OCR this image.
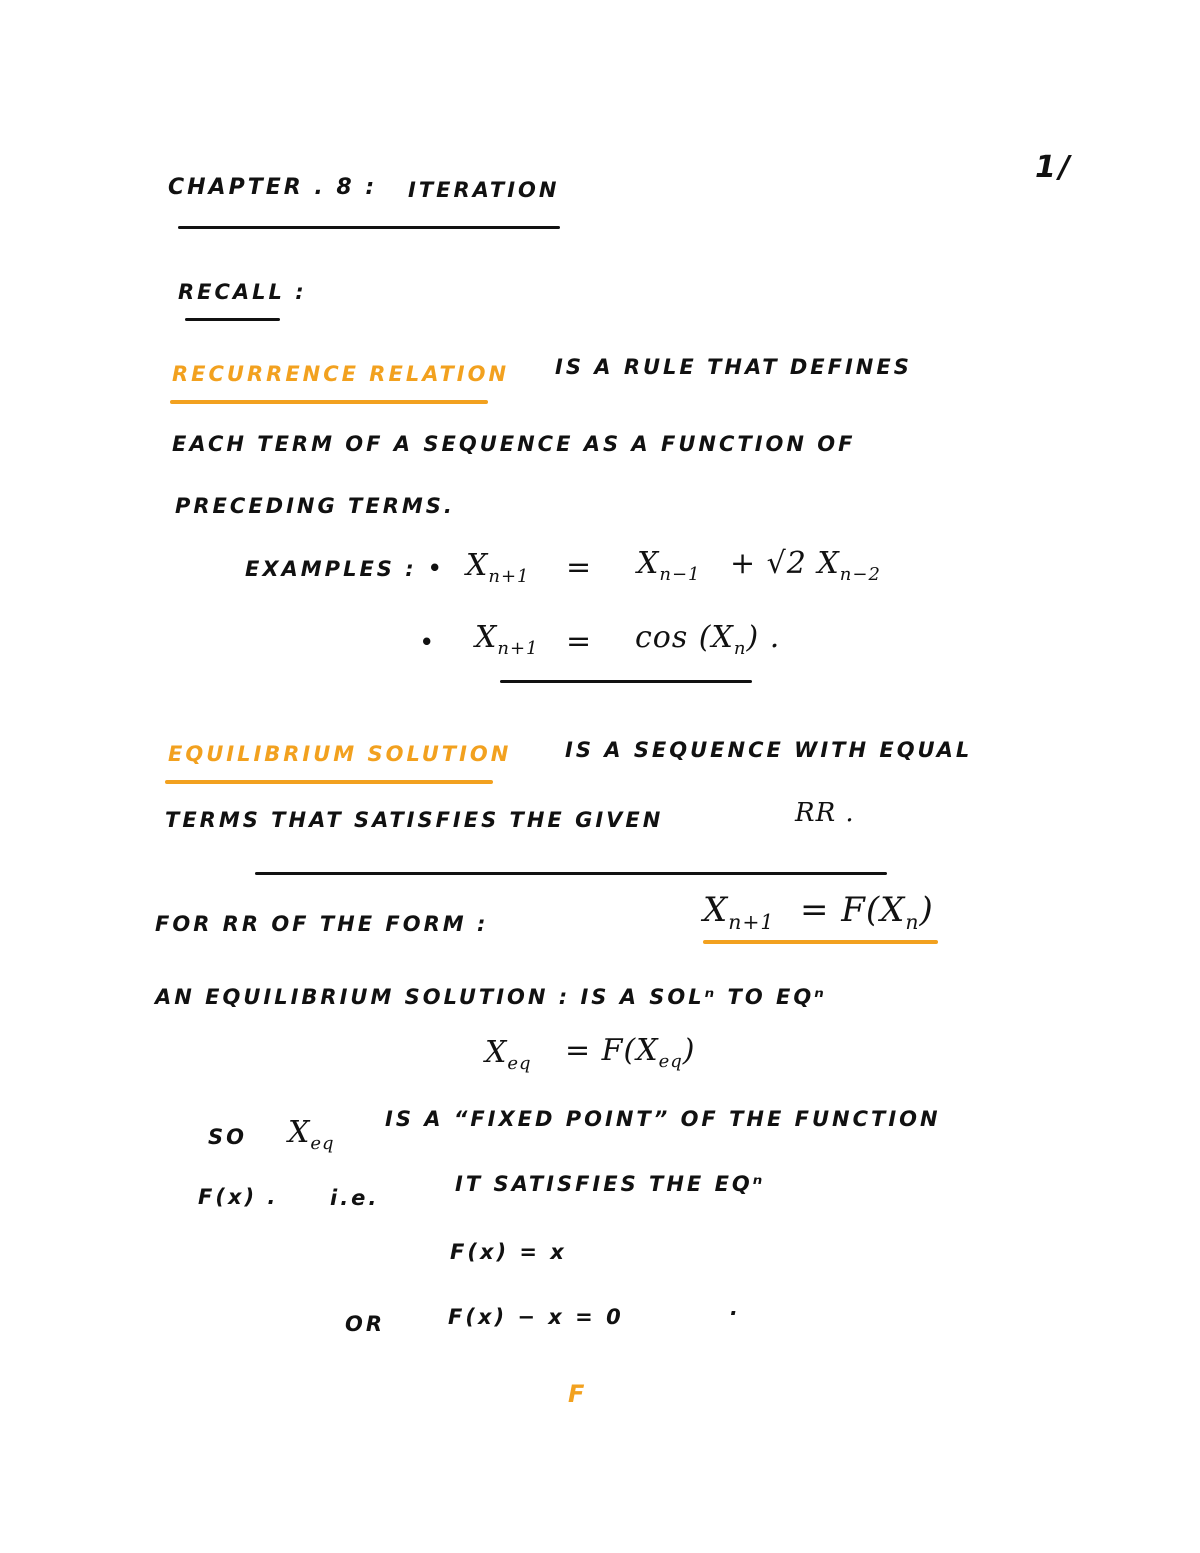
1/
CHAPTER . 8 : ITERATION
RECALL :
RECURRENCE RELATION IS A RULE THAT DEFINES
EACH TERM OF A SEQUENCE AS A FUNCTION OF
PRECEDING TERMS.
EXAMPLES : • $X_{n+1} = X_{n-1} + √2$ $X_{n-2}$
• $X_{n+1} = \cos (X_n)$ .
EQUILIBRIUM SOLUTION	IS A SEQUENCE WITH EQUAL
TERMS THAT SATISFIES THE GIVEN	RR .
FOR RR OF THE FORM :	$X_{n+1} = F(X_n)$
AN EQUILIBRIUM SOLUTION : IS A SOLⁿ TO EQⁿ
$X_{eq} = F(X_{eq})$
SO $X_{eq}$
IS A “FIXED POINT” OF THE FUNCTION
F(x) . i.e.
IT SATISFIES THE EQⁿ
F(x) = x
OR	F(x) − x = 0	.
F
